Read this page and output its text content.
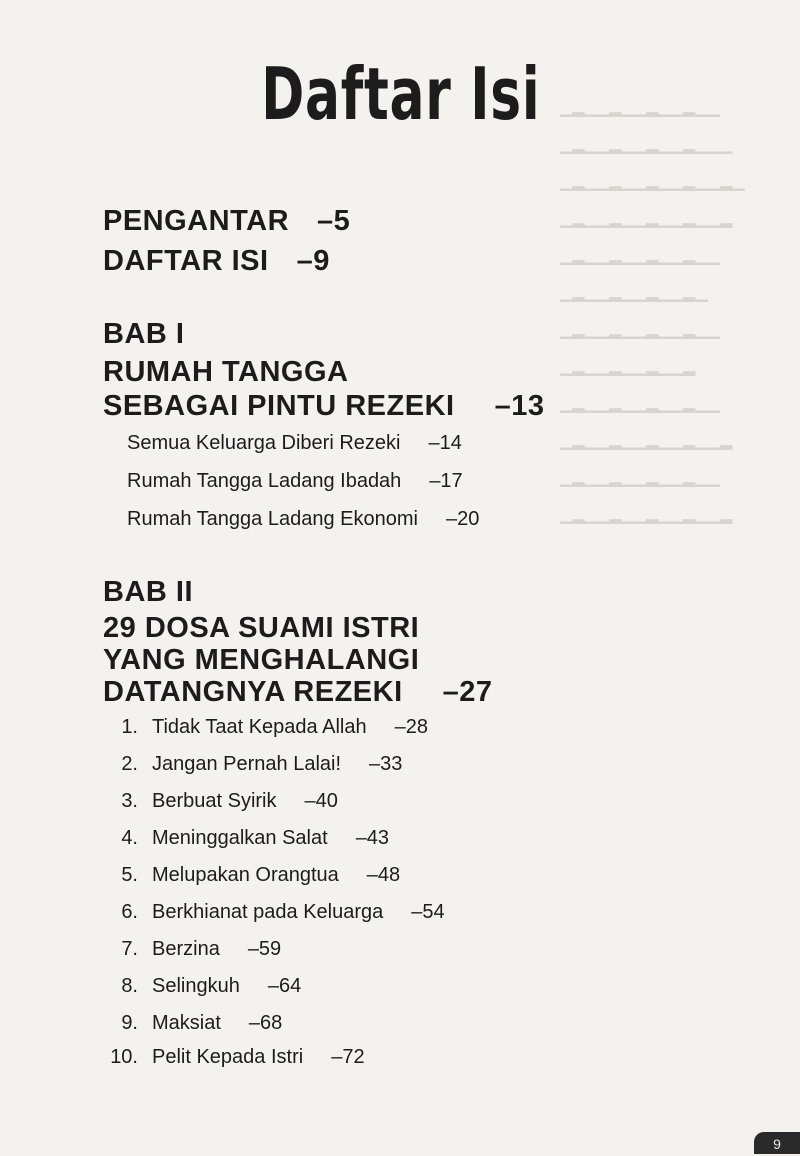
▁▂▁▁▂▁▁▂▁▁▂▁▁
▁▂▁▁▂▁▁▂▁▁▂▁▁▁
▁▂▁▁▂▁▁▂▁▁▂▁▁▂▁
▁▂▁▁▂▁▁▂▁▁▂▁▁▂
▁▂▁▁▂▁▁▂▁▁▂▁▁
▁▂▁▁▂▁▁▂▁▁▂▁
▁▂▁▁▂▁▁▂▁▁▂▁▁
▁▂▁▁▂▁▁▂▁▁▂
▁▂▁▁▂▁▁▂▁▁▂▁▁
▁▂▁▁▂▁▁▂▁▁▂▁▁▂
▁▂▁▁▂▁▁▂▁▁▂▁▁
▁▂▁▁▂▁▁▂▁▁▂▁▁▂
Daftar Isi
PENGANTAR –5
DAFTAR ISI –9
BAB I
RUMAH TANGGA
SEBAGAI PINTU REZEKI –13
Semua Keluarga Diberi Rezeki –14
Rumah Tangga Ladang Ibadah –17
Rumah Tangga Ladang Ekonomi –20
BAB II
29 DOSA SUAMI ISTRI
YANG MENGHALANGI
DATANGNYA REZEKI –27
1. Tidak Taat Kepada Allah –28
2. Jangan Pernah Lalai! –33
3. Berbuat Syirik –40
4. Meninggalkan Salat –43
5. Melupakan Orangtua –48
6. Berkhianat pada Keluarga –54
7. Berzina –59
8. Selingkuh –64
9. Maksiat –68
10. Pelit Kepada Istri –72
9
